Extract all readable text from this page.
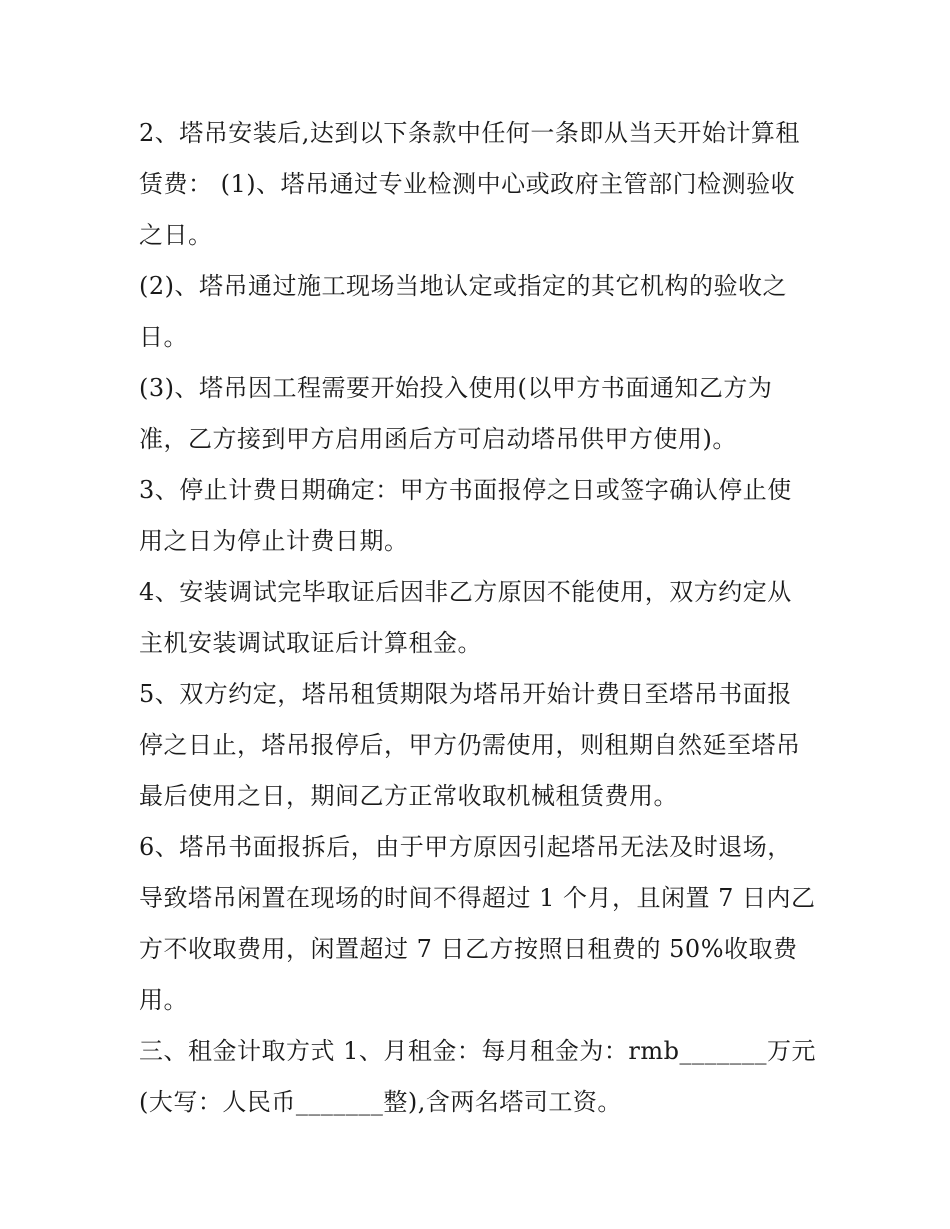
2、塔吊安装后,达到以下条款中任何一条即从当天开始计算租
赁费： (1)、塔吊通过专业检测中心或政府主管部门检测验收
之日。

(2)、塔吊通过施工现场当地认定或指定的其它机构的验收之
日。

(3)、塔吊因工程需要开始投入使用(以甲方书面通知乙方为
准，乙方接到甲方启用函后方可启动塔吊供甲方使用)。

3、停止计费日期确定：甲方书面报停之日或签字确认停止使
用之日为停止计费日期。

4、安装调试完毕取证后因非乙方原因不能使用，双方约定从
主机安装调试取证后计算租金。

5、双方约定，塔吊租赁期限为塔吊开始计费日至塔吊书面报
停之日止，塔吊报停后，甲方仍需使用，则租期自然延至塔吊
最后使用之日，期间乙方正常收取机械租赁费用。

6、塔吊书面报拆后，由于甲方原因引起塔吊无法及时退场，
导致塔吊闲置在现场的时间不得超过 1 个月，且闲置 7 日内乙
方不收取费用，闲置超过 7 日乙方按照日租费的 50%收取费
用。

三、租金计取方式 1、月租金：每月租金为：rmb_______万元
(大写：人民币_______整),含两名塔司工资。
